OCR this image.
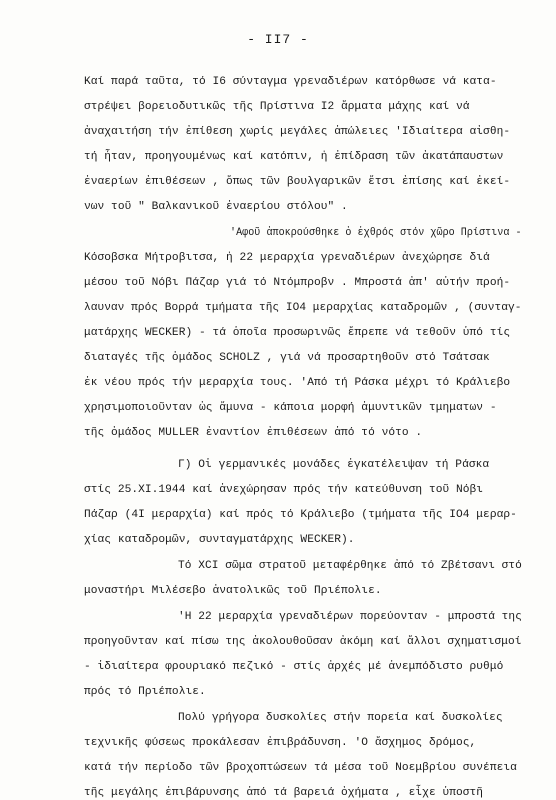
- II7 -
Καί παρά ταῦτα, τό I6 σύνταγμα γρεναδιέρων κατόρθωσε νά κατα-
στρέψει βορειοδυτικῶς τῆς Πρίστινα I2 ἅρματα μάχης καί νά
ἀναχαιτήση τήν ἐπίθεση χωρίς μεγάλες ἀπώλειες 'Ιδιαίτερα αἰσθη-
τή ἦταν, προηγουμένως καί κατόπιν, ἡ ἐπίδραση τῶν ἀκατάπαυστων
ἐναερίων ἐπιθέσεων , ὅπως τῶν βουλγαρικῶν ἔτσι ἐπίσης καί ἐκεί-
νων τοῦ " Βαλκανικοῦ ἐναερίου στόλου" .
'Αφοῦ ἀποκρούσθηκε ὁ ἐχθρός στόν χῶρο Πρίστινα -
Κόσοβσκα Μήτροβιτσα, ἡ 22 μεραρχία γρεναδιέρων ἀνεχώρησε διά
μέσου τοῦ Νόβι Πάζαρ γιά τό Ντόμπροβν . Μπροστά ἀπ' αὐτήν προή-
λαυναν πρός Βορρά τμήματα τῆς IO4 μεραρχίας καταδρομῶν , (συνταγ-
ματάρχης WECKER) - τά ὁποῖα προσωρινῶς ἔπρεπε νά τεθοῦν ὑπό τίς
διαταγές τῆς ὁμάδος SCHOLZ , γιά νά προσαρτηθοῦν στό Τσάτσακ
ἐκ νέου πρός τήν μεραρχία τους. 'Από τή Ράσκα μέχρι τό Κράλιεβο
χρησιμοποιοῦνταν ὡς ἄμυνα - κάποια μορφή ἀμυντικῶν τμηματων -
τῆς ὁμάδος MULLER ἐναντίον ἐπιθέσεων ἀπό τό νότο .
Γ) Οἱ γερμανικές μονάδες ἐγκατέλειψαν τή Ράσκα
στίς 25.XI.1944 καί ἀνεχώρησαν πρός τήν κατεύθυνση τοῦ Νόβι
Πάζαρ (4I μεραρχία) καί πρός τό Κράλιεβο (τμήματα τῆς IO4 μεραρ-
χίας καταδρομῶν, συνταγματάρχης WECKER).
Τό XCI σῶμα στρατοῦ μεταφέρθηκε ἀπό τό Ζβέτσανι στό
μοναστήρι Μιλέσεβο ἀνατολικῶς τοῦ Πριέπολιε.
'Η 22 μεραρχία γρεναδιέρων πορεύονταν - μπροστά της
προηγοῦνταν καί πίσω της ἀκολουθοῦσαν ἀκόμη καί ἄλλοι σχηματισμοί
- ἰδιαίτερα φρουριακό πεζικό - στίς ἀρχές μέ ἀνεμπόδιστο ρυθμό
πρός τό Πριέπολιε.
Πολύ γρήγορα δυσκολίες στήν πορεία καί δυσκολίες
τεχνικῆς φύσεως προκάλεσαν ἐπιβράδυνση. 'Ο ἄσχημος δρόμος,
κατά τήν περίοδο τῶν βροχοπτώσεων τά μέσα τοῦ Νοεμβρίου συνέπεια
τῆς μεγάλης ἐπιβάρυνσης ἀπό τά βαρειά ὀχήματα , εἶχε ὑποστῆ
